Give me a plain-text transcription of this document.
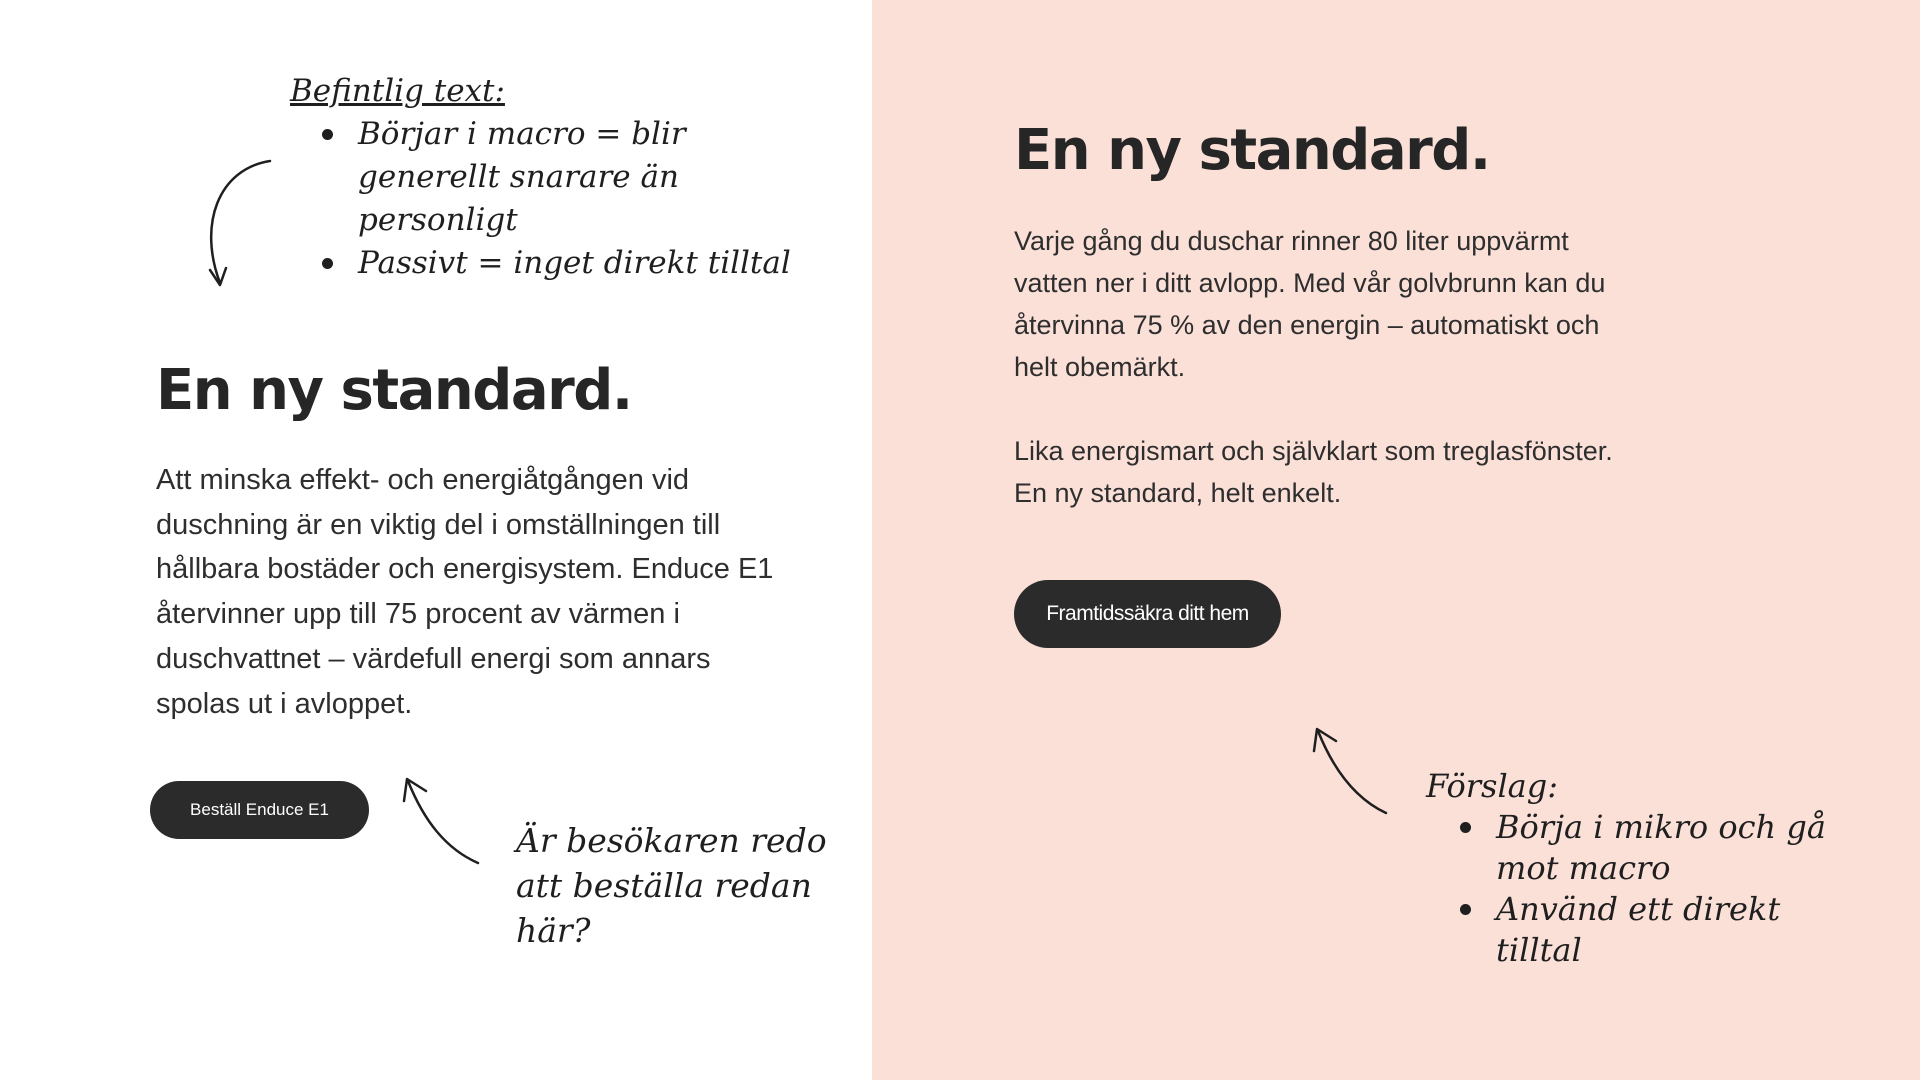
Befintlig text:
Börjar i macro = blir generellt snarare än personligt
Passivt = inget direkt tilltal
En ny standard.

Att minska effekt- och energiåtgången vid duschning är en viktig del i omställningen till hållbara bostäder och energisystem. Enduce E1 återvinner upp till 75 procent av värmen i duschvattnet – värdefull energi som annars spolas ut i avloppet.

Beställ Enduce E1
Är besökaren redo att beställa redan här?
En ny standard.

Varje gång du duschar rinner 80 liter uppvärmt vatten ner i ditt avlopp. Med vår golvbrunn kan du återvinna 75 % av den energin – automatiskt och helt obemärkt.

Lika energismart och självklart som treglasfönster. En ny standard, helt enkelt.

Framtidssäkra ditt hem
Förslag:
Börja i mikro och gå mot macro
Använd ett direkt tilltal
